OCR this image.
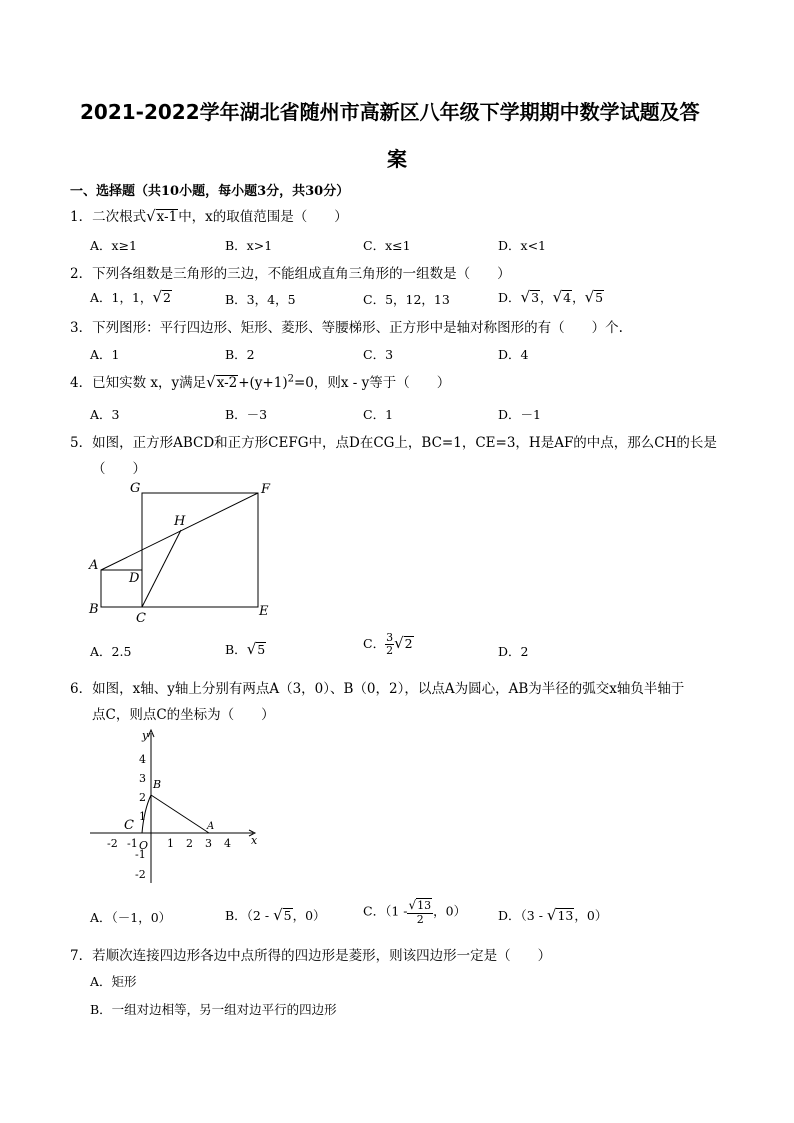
2021-2022学年湖北省随州市高新区八年级下学期期中数学试题及答
案
一、选择题（共10小题，每小题3分，共30分）
1．二次根式√x-1中，x的取值范围是（　　）
A．x≥1	B．x>1	C．x≤1	D．x<1
2．下列各组数是三角形的三边，不能组成直角三角形的一组数是（　　）
A．1，1，√2	B．3，4，5	C．5，12，13	D．√3，√4，√5
3．下列图形：平行四边形、矩形、菱形、等腰梯形、正方形中是轴对称图形的有（　　）个.
A．1	B．2	C．3	D．4
4．已知实数 x，y满足$√x-2+(y+1)^2=0$，则x - y等于（　　）
A．3	B．－3	C．1	D．－1
5．如图，正方形ABCD和正方形CEFG中，点D在CG上，BC=1，CE=3，H是AF的中点，那么CH的长是
（　　）
G	F
H
A
D
B
C	E
A．2.5	B．√5	C． $\frac{3}{2} √2$
D．2
6．如图，x轴、y轴上分别有两点A（3，0）、B（0，2），以点A为圆心，AB为半径的弧交x轴负半轴于
点C，则点C的坐标为（　　）
y
x
4
3
2
1
-1
-2
-2 -1	1 2 3 4
O
B
A
C
A．（－1，0）	B．（2 - √5，0）	C．（$1 - \frac{√13}{2}$ ，0）	D．（3 - √13，0）
7．若顺次连接四边形各边中点所得的四边形是菱形，则该四边形一定是（　　）
A．矩形
B．一组对边相等，另一组对边平行的四边形
